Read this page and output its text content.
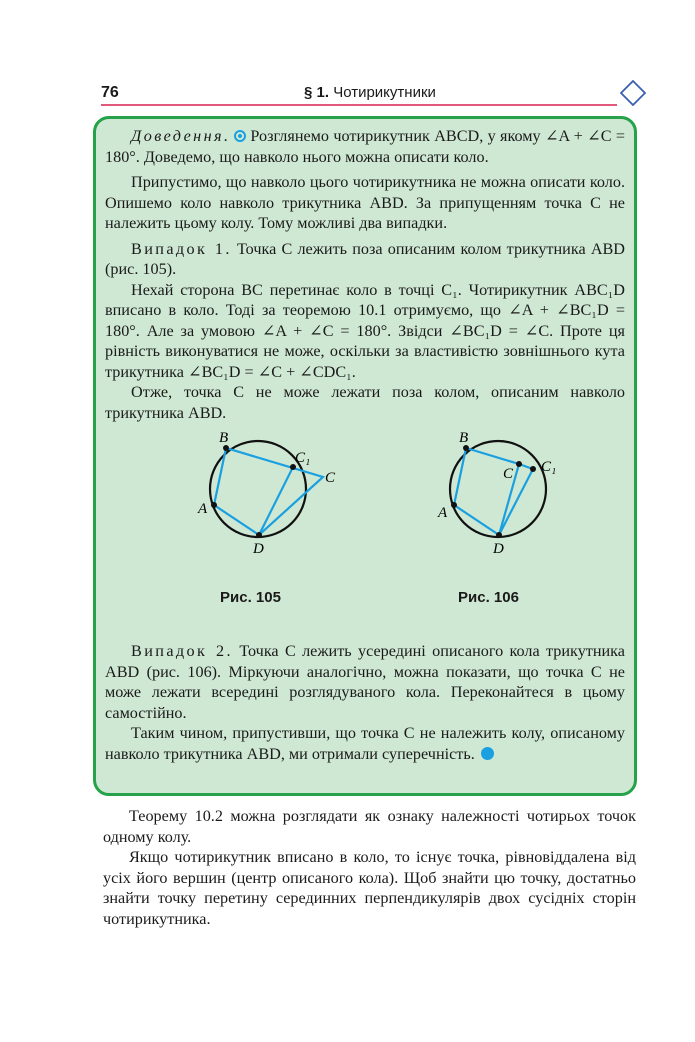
76	§ 1. Чотирикутники

Доведення. Розглянемо чотирикутник ABCD, у якому ∠A + ∠C = 180°. Доведемо, що навколо нього можна описати коло.

Припустимо, що навколо цього чотирикутника не можна описати коло. Опишемо коло навколо трикутника ABD. За припущенням точка C не належить цьому колу. Тому можливі два випадки.

Випадок 1. Точка C лежить поза описаним колом трикутника ABD (рис. 105).

Нехай сторона BC перетинає коло в точці C₁. Чотирикутник ABC₁D вписано в коло. Тоді за теоремою 10.1 отримуємо, що ∠A + ∠BC₁D = 180°. Але за умовою ∠A + ∠C = 180°. Звідси ∠BC₁D = ∠C. Проте ця рівність виконуватися не може, оскільки за властивістю зовнішнього кута трикутника ∠BC₁D = ∠C + ∠CDC₁.

Отже, точка C не може лежати поза колом, описаним навколо трикутника ABD.

B
C₁
C
A
D
Рис. 105
B
C C₁
A
D
Рис. 106

Випадок 2. Точка C лежить усередині описаного кола трикутника ABD (рис. 106). Міркуючи аналогічно, можна показати, що точка C не може лежати всередині розглядуваного кола. Переконайтеся в цьому самостійно.

Таким чином, припустивши, що точка C не належить колу, описаному навколо трикутника ABD, ми отримали суперечність.

Теорему 10.2 можна розглядати як ознаку належності чотирьох точок одному колу.

Якщо чотирикутник вписано в коло, то існує точка, рівновіддалена від усіх його вершин (центр описаного кола). Щоб знайти цю точку, достатньо знайти точку перетину серединних перпендикулярів двох сусідніх сторін чотирикутника.
